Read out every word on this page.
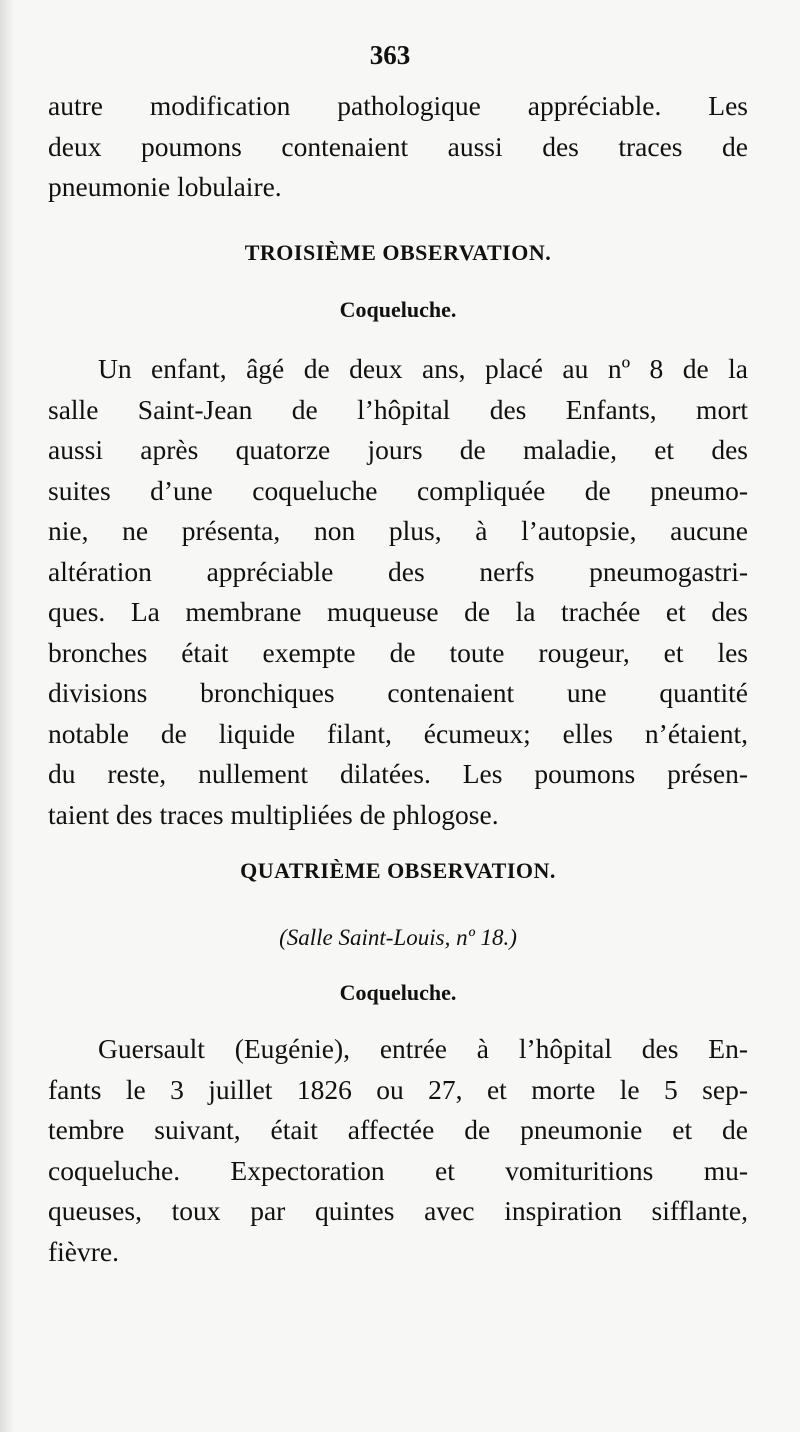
363
autre modification pathologique appréciable. Les
deux poumons contenaient aussi des traces de
pneumonie lobulaire.
TROISIÈME OBSERVATION.
Coqueluche.
Un enfant, âgé de deux ans, placé au nº 8 de la
salle Saint-Jean de l’hôpital des Enfants, mort
aussi après quatorze jours de maladie, et des
suites d’une coqueluche compliquée de pneumo-
nie, ne présenta, non plus, à l’autopsie, aucune
altération appréciable des nerfs pneumogastri-
ques. La membrane muqueuse de la trachée et des
bronches était exempte de toute rougeur, et les
divisions bronchiques contenaient une quantité
notable de liquide filant, écumeux; elles n’étaient,
du reste, nullement dilatées. Les poumons présen-
taient des traces multipliées de phlogose.
QUATRIÈME OBSERVATION.
(Salle Saint-Louis, nº 18.)
Coqueluche.
Guersault (Eugénie), entrée à l’hôpital des En-
fants le 3 juillet 1826 ou 27, et morte le 5 sep-
tembre suivant, était affectée de pneumonie et de
coqueluche. Expectoration et vomituritions mu-
queuses, toux par quintes avec inspiration sifflante,
fièvre.
